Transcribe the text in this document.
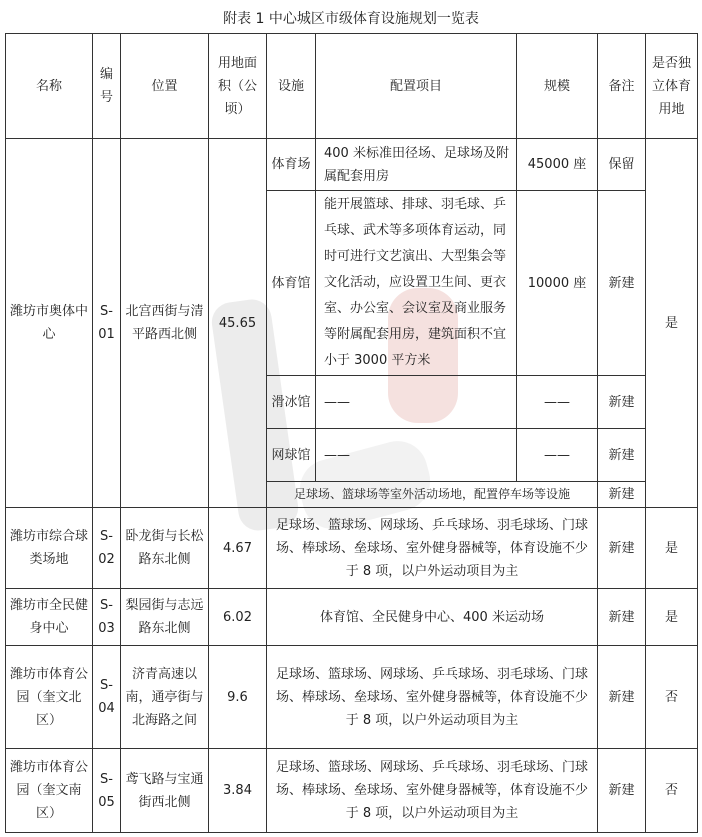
附表 1 中心城区市级体育设施规划一览表
名称	编号	位置	用地面积（公顷）	设施	配置项目	规模	备注	是否独立体育用地
潍坊市奥体中心	S-01	北宫西街与清平路西北侧	45.65	体育场	400 米标准田径场、足球场及附属配套用房	45000 座	保留	是
				体育馆	能开展篮球、排球、羽毛球、乒乓球、武术等多项体育运动，同时可进行文艺演出、大型集会等文化活动，应设置卫生间、更衣室、办公室、会议室及商业服务等附属配套用房，建筑面积不宜小于 3000 平方米	10000 座	新建	
				滑冰馆	——	——	新建	
				网球馆	——	——	新建	
				足球场、篮球场等室外活动场地，配置停车场等设施			新建	
潍坊市综合球类场地	S-02	卧龙街与长松路东北侧	4.67	足球场、篮球场、网球场、乒乓球场、羽毛球场、门球场、棒球场、垒球场、室外健身器械等，体育设施不少于 8 项，以户外运动项目为主			新建	是
潍坊市全民健身中心	S-03	梨园街与志远路东北侧	6.02	体育馆、全民健身中心、400 米运动场			新建	是
潍坊市体育公园（奎文北区）	S-04	济青高速以南，通亭街与北海路之间	9.6	足球场、篮球场、网球场、乒乓球场、羽毛球场、门球场、棒球场、垒球场、室外健身器械等，体育设施不少于 8 项，以户外运动项目为主			新建	否
潍坊市体育公园（奎文南区）	S-05	鸢飞路与宝通街西北侧	3.84	足球场、篮球场、网球场、乒乓球场、羽毛球场、门球场、棒球场、垒球场、室外健身器械等，体育设施不少于 8 项，以户外运动项目为主			新建	否
